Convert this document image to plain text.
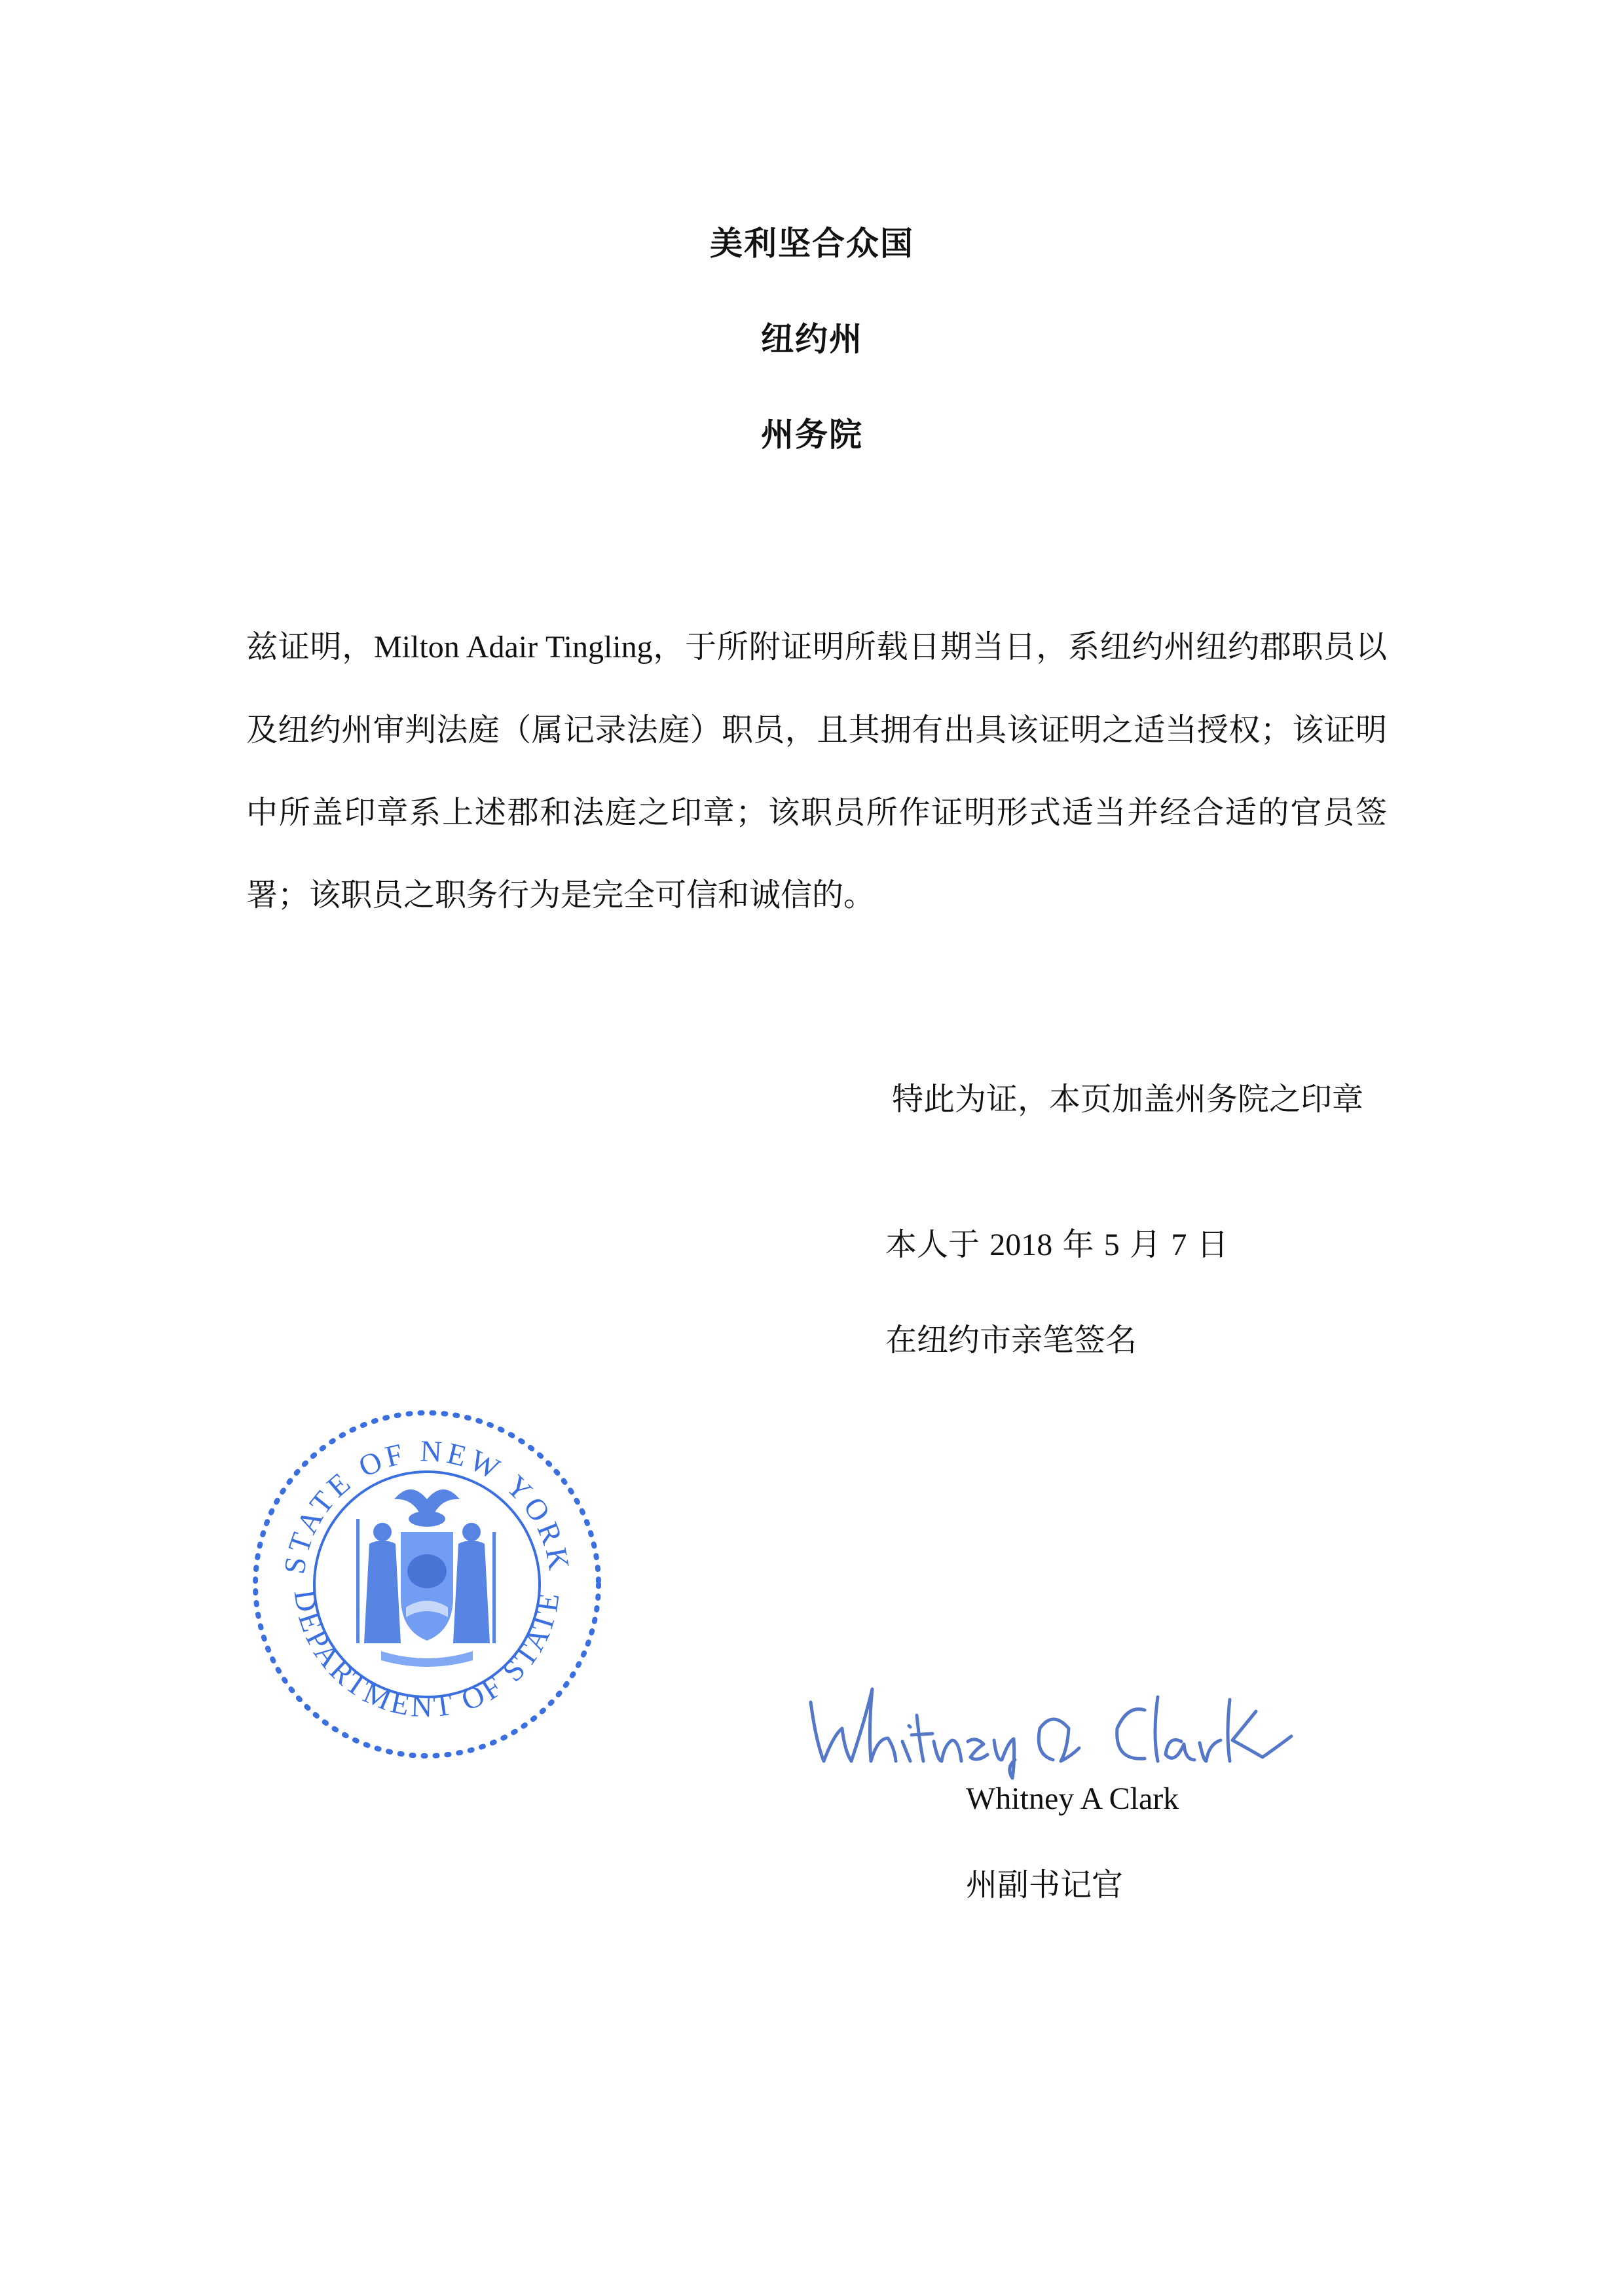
美利坚合众国
纽约州
州务院
兹证明，Milton Adair Tingling，于所附证明所载日期当日，系纽约州纽约郡职员以及纽约州审判法庭（属记录法庭）职员，且其拥有出具该证明之适当授权；该证明中所盖印章系上述郡和法庭之印章；该职员所作证明形式适当并经合适的官员签署；该职员之职务行为是完全可信和诚信的。
特此为证，本页加盖州务院之印章
本人于 2018 年 5 月 7 日
在纽约市亲笔签名
STATE OF NEW YORK
DEPARTMENT OF STATE
Whitney A Clark
州副书记官
